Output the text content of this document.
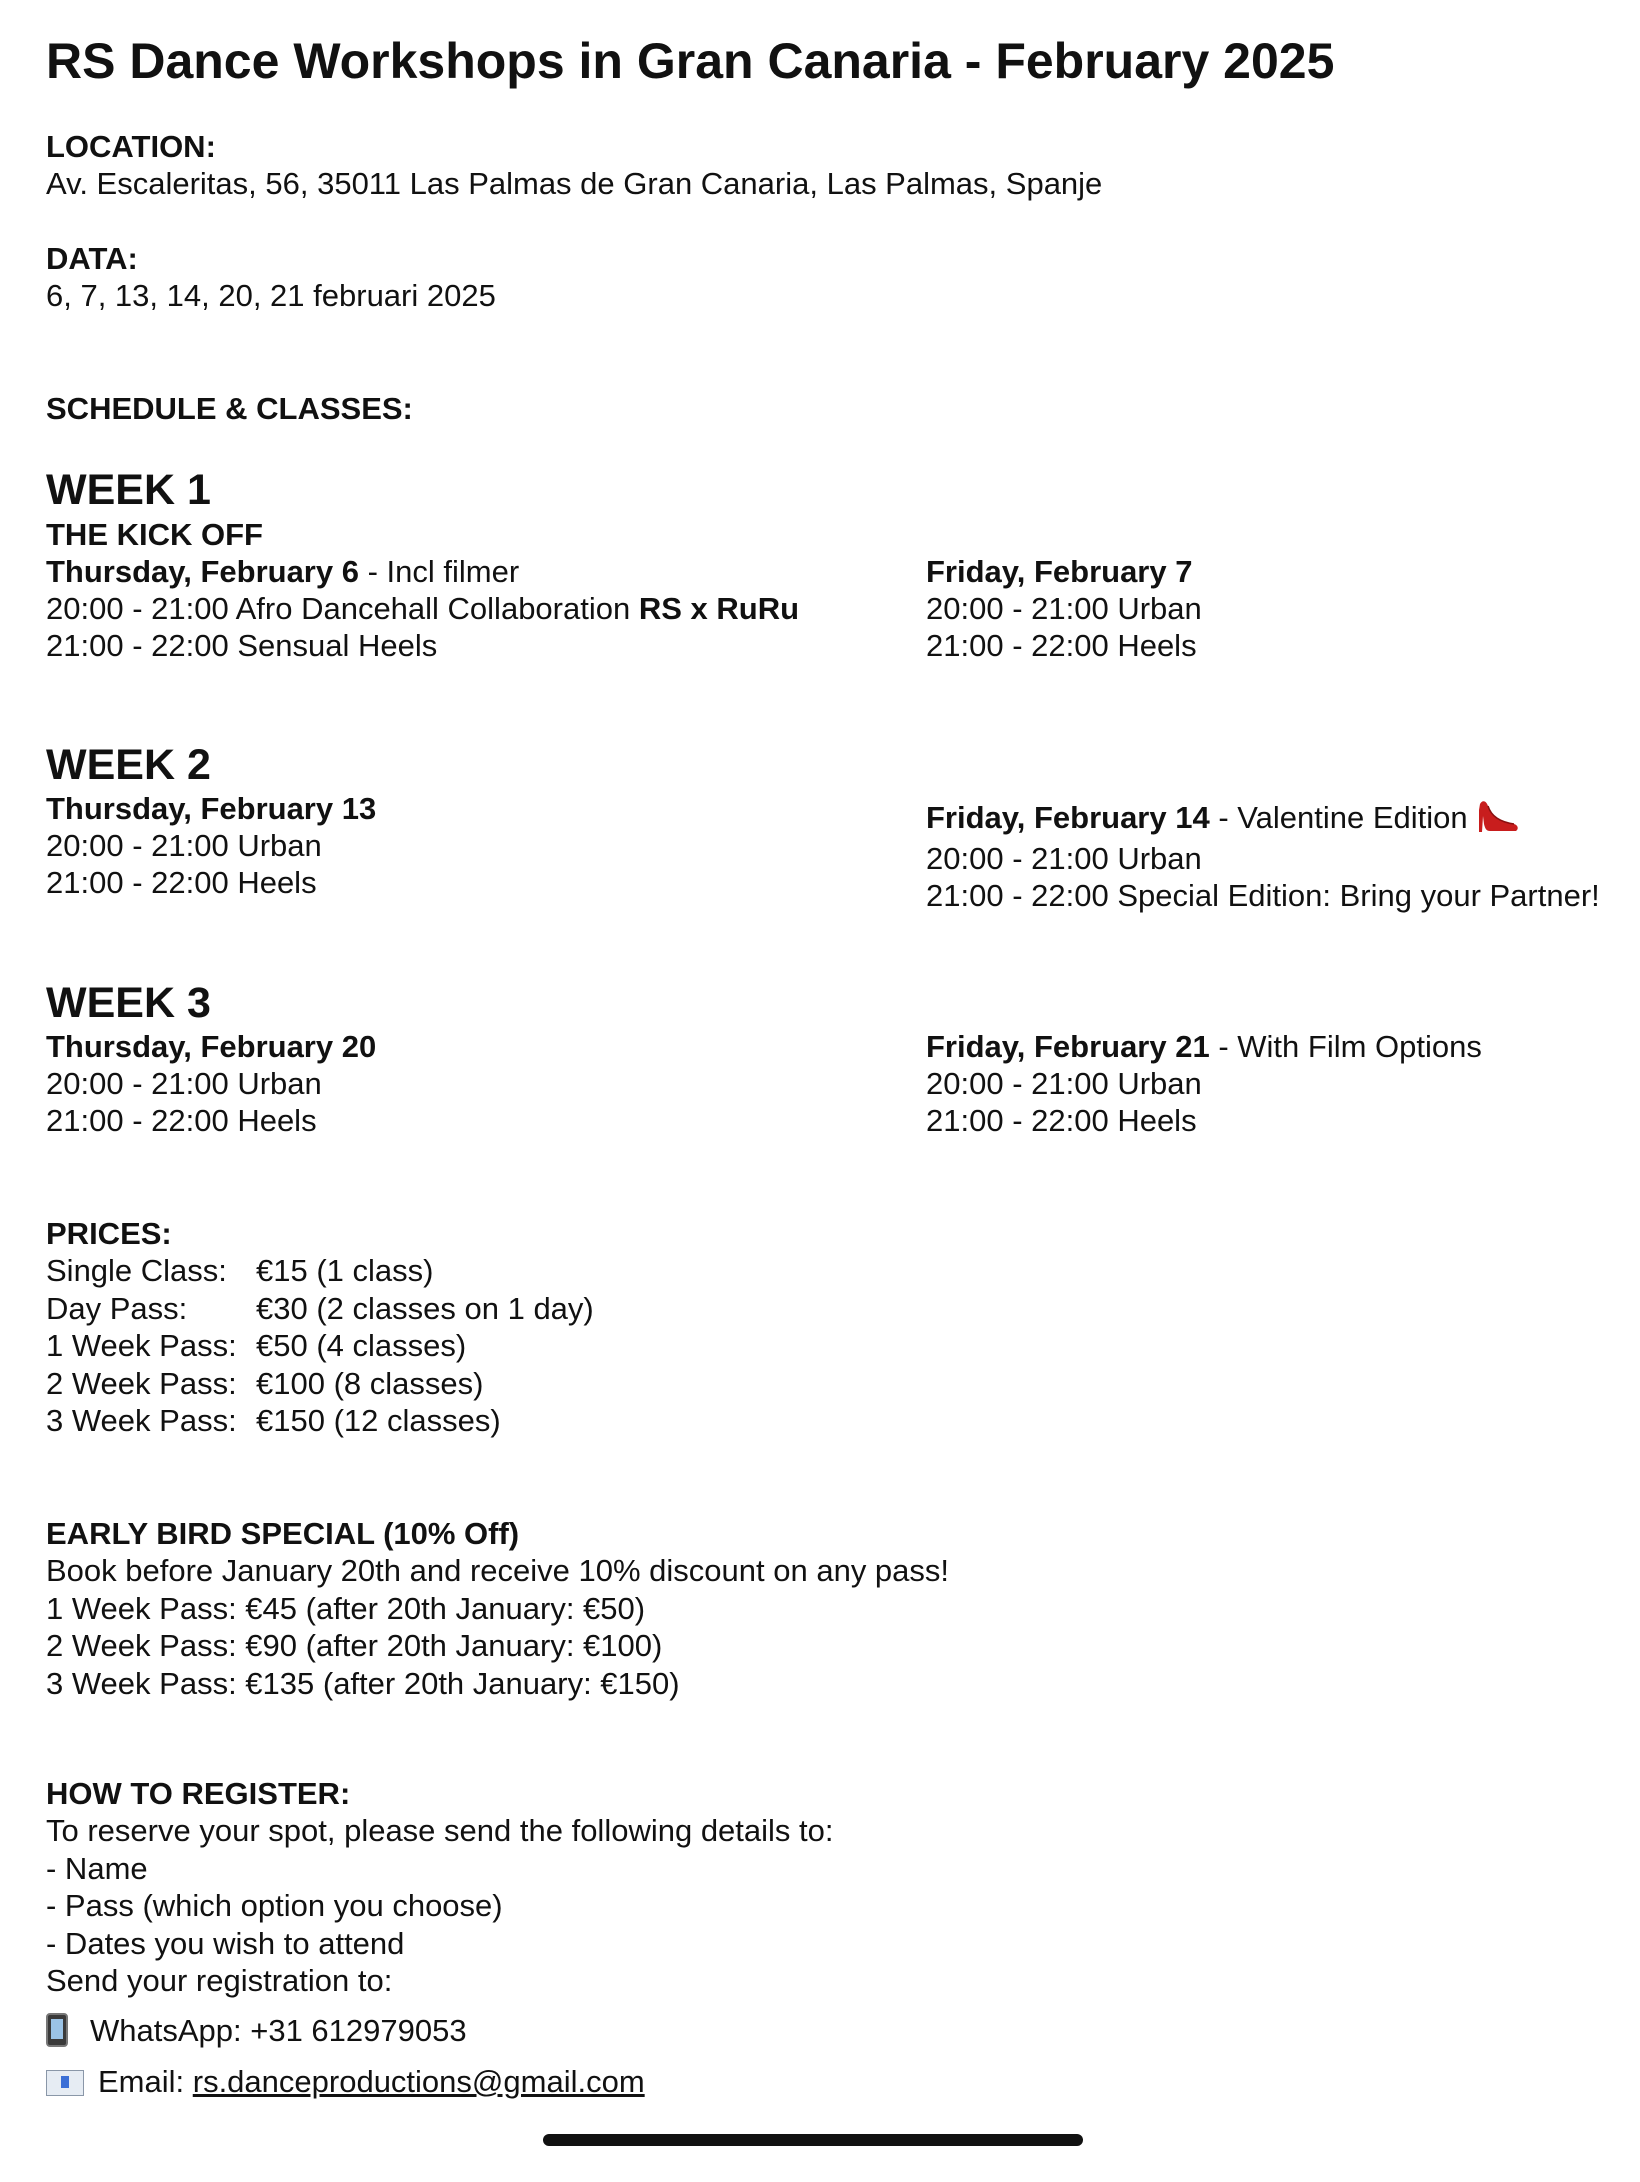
RS Dance Workshops in Gran Canaria - February 2025
LOCATION:
Av. Escaleritas, 56, 35011 Las Palmas de Gran Canaria, Las Palmas, Spanje
DATA:
6, 7, 13, 14, 20, 21 februari 2025
SCHEDULE & CLASSES:
WEEK 1
THE KICK OFF
Thursday, February 6 - Incl filmer
20:00 - 21:00 Afro Dancehall Collaboration RS x RuRu
21:00 - 22:00 Sensual Heels
Friday, February 7
20:00 - 21:00 Urban
21:00 - 22:00 Heels
WEEK 2
Thursday, February 13
20:00 - 21:00 Urban
21:00 - 22:00 Heels
Friday, February 14 - Valentine Edition
20:00 - 21:00 Urban
21:00 - 22:00 Special Edition: Bring your Partner!
WEEK 3
Thursday, February 20
20:00 - 21:00 Urban
21:00 - 22:00 Heels
Friday, February 21 - With Film Options
20:00 - 21:00 Urban
21:00 - 22:00 Heels
PRICES:
Single Class: €15 (1 class)
Day Pass: €30 (2 classes on 1 day)
1 Week Pass: €50 (4 classes)
2 Week Pass: €100 (8 classes)
3 Week Pass: €150 (12 classes)
EARLY BIRD SPECIAL (10% Off)
Book before January 20th and receive 10% discount on any pass!
1 Week Pass: €45 (after 20th January: €50)
2 Week Pass: €90 (after 20th January: €100)
3 Week Pass: €135 (after 20th January: €150)
HOW TO REGISTER:
To reserve your spot, please send the following details to:
- Name
- Pass (which option you choose)
- Dates you wish to attend
Send your registration to:
WhatsApp: +31 612979053
Email: rs.danceproductions@gmail.com
